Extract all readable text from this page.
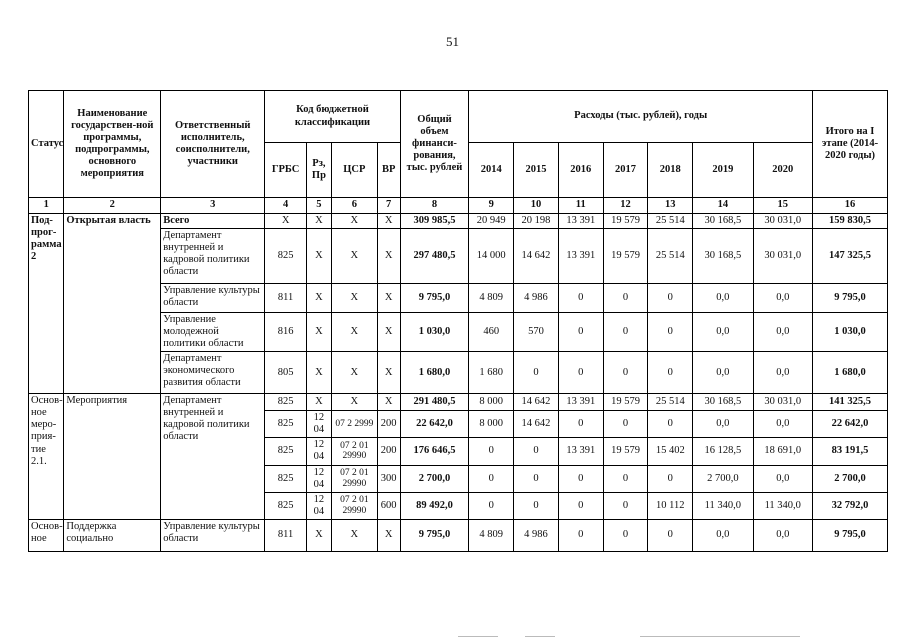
51
Статус	Наименование государствен-ной программы, подпрограммы, основного мероприятия	Ответственный исполнитель, соисполнители, участники	Код бюджетной классификации				Общий объем финанси-рования, тыс. рублей	Расходы (тыс. рублей), годы							Итого на I этапе (2014-2020 годы)
			ГРБС	Рз, Пр	ЦСР	ВР		2014	2015	2016	2017	2018	2019	2020	
1	2	3	4	5	6	7	8	9	10	11	12	13	14	15	16
Под-прог-рамма 2	Открытая власть	Всего	Х	Х	Х	Х	309 985,5	20 949	20 198	13 391	19 579	25 514	30 168,5	30 031,0	159 830,5
		Департамент внутренней и кадровой политики области	825	Х	Х	Х	297 480,5	14 000	14 642	13 391	19 579	25 514	30 168,5	30 031,0	147 325,5
		Управление культуры области	811	Х	Х	Х	9 795,0	4 809	4 986	0	0	0	0,0	0,0	9 795,0
		Управление молодежной политики области	816	Х	Х	Х	1 030,0	460	570	0	0	0	0,0	0,0	1 030,0
		Департамент экономического развития области	805	Х	Х	Х	1 680,0	1 680	0	0	0	0	0,0	0,0	1 680,0
Основ-ное меро-прия-тие 2.1.	Мероприятия	Департамент внутренней и кадровой политики области	825	Х	Х	Х	291 480,5	8 000	14 642	13 391	19 579	25 514	30 168,5	30 031,0	141 325,5
			825	12 04	07 2 2999	200	22 642,0	8 000	14 642	0	0	0	0,0	0,0	22 642,0
			825	12 04	07 2 01 29990	200	176 646,5	0	0	13 391	19 579	15 402	16 128,5	18 691,0	83 191,5
			825	12 04	07 2 01 29990	300	2 700,0	0	0	0	0	0	2 700,0	0,0	2 700,0
			825	12 04	07 2 01 29990	600	89 492,0	0	0	0	0	10 112	11 340,0	11 340,0	32 792,0
Основ-ное	Поддержка социально	Управление культуры области	811	Х	Х	Х	9 795,0	4 809	4 986	0	0	0	0,0	0,0	9 795,0
